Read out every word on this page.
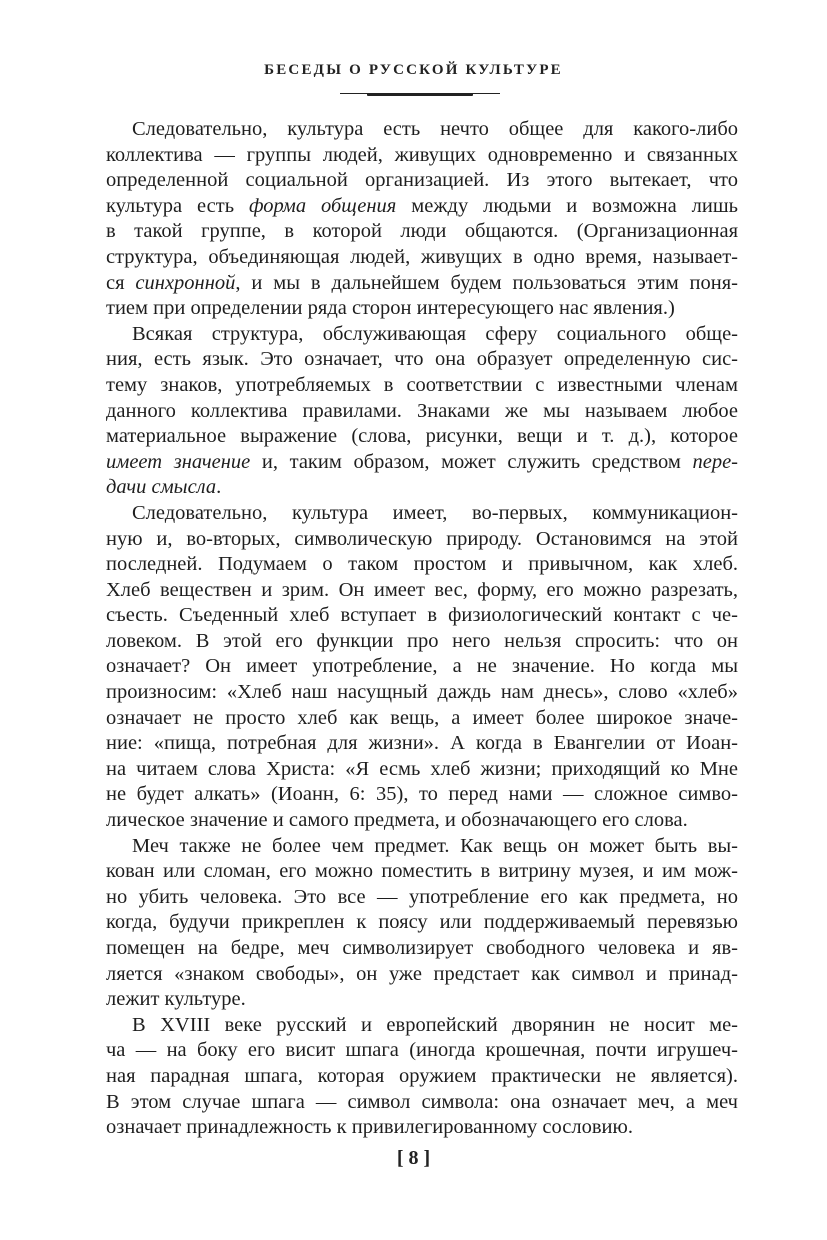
БЕСЕДЫ О РУССКОЙ КУЛЬТУРЕ
Следовательно, культура есть нечто общее для какого-либо
коллектива — группы людей, живущих одновременно и связанных
определенной социальной организацией. Из этого вытекает, что
культура есть форма общения между людьми и возможна лишь
в такой группе, в которой люди общаются. (Организационная
структура, объединяющая людей, живущих в одно время, называет-
ся синхронной, и мы в дальнейшем будем пользоваться этим поня-
тием при определении ряда сторон интересующего нас явления.)
Всякая структура, обслуживающая сферу социального обще-
ния, есть язык. Это означает, что она образует определенную сис-
тему знаков, употребляемых в соответствии с известными членам
данного коллектива правилами. Знаками же мы называем любое
материальное выражение (слова, рисунки, вещи и т. д.), которое
имеет значение и, таким образом, может служить средством пере-
дачи смысла.
Следовательно, культура имеет, во-первых, коммуникацион-
ную и, во-вторых, символическую природу. Остановимся на этой
последней. Подумаем о таком простом и привычном, как хлеб.
Хлеб веществен и зрим. Он имеет вес, форму, его можно разрезать,
съесть. Съеденный хлеб вступает в физиологический контакт с че-
ловеком. В этой его функции про него нельзя спросить: что он
означает? Он имеет употребление, а не значение. Но когда мы
произносим: «Хлеб наш насущный даждь нам днесь», слово «хлеб»
означает не просто хлеб как вещь, а имеет более широкое значе-
ние: «пища, потребная для жизни». А когда в Евангелии от Иоан-
на читаем слова Христа: «Я есмь хлеб жизни; приходящий ко Мне
не будет алкать» (Иоанн, 6: 35), то перед нами — сложное симво-
лическое значение и самого предмета, и обозначающего его слова.
Меч также не более чем предмет. Как вещь он может быть вы-
кован или сломан, его можно поместить в витрину музея, и им мож-
но убить человека. Это все — употребление его как предмета, но
когда, будучи прикреплен к поясу или поддерживаемый перевязью
помещен на бедре, меч символизирует свободного человека и яв-
ляется «знаком свободы», он уже предстает как символ и принад-
лежит культуре.
В XVIII веке русский и европейский дворянин не носит ме-
ча — на боку его висит шпага (иногда крошечная, почти игрушеч-
ная парадная шпага, которая оружием практически не является).
В этом случае шпага — символ символа: она означает меч, а меч
означает принадлежность к привилегированному сословию.
[ 8 ]
